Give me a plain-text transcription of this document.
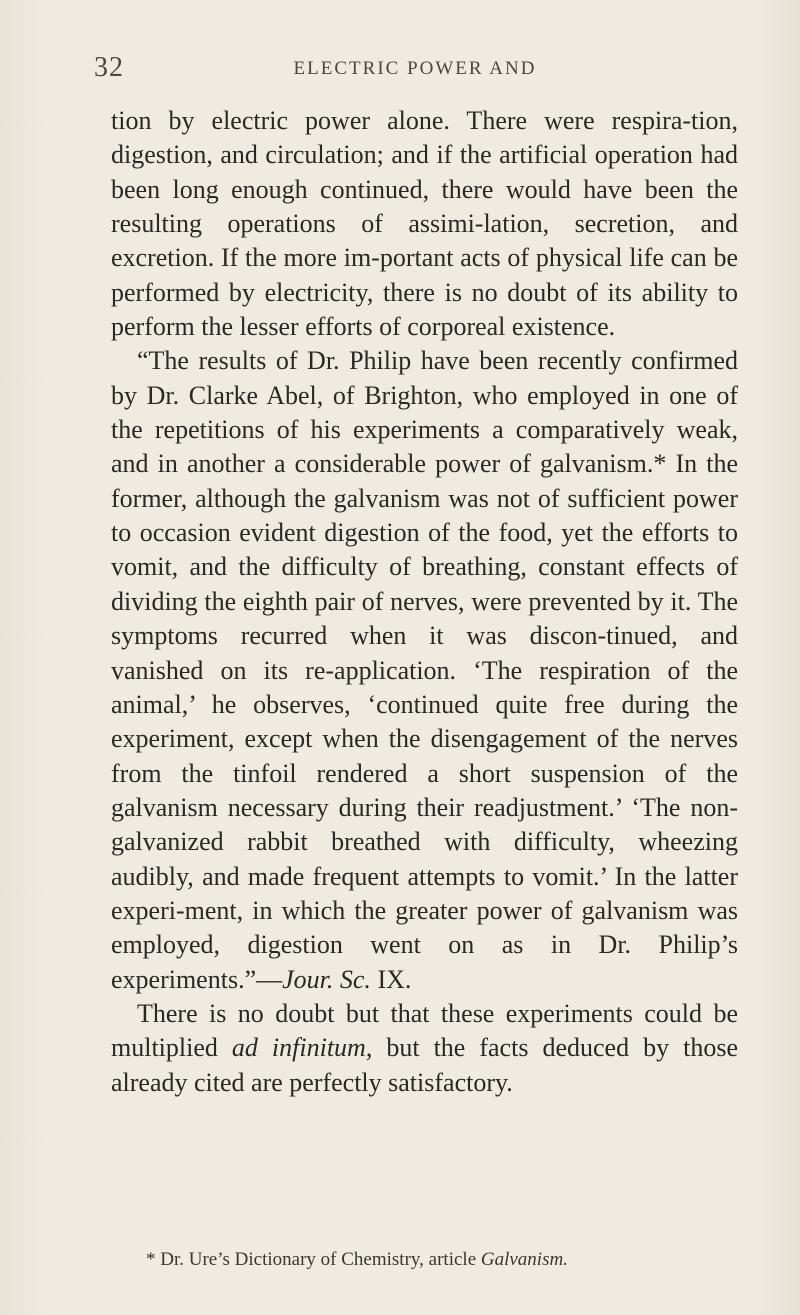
32	ELECTRIC POWER AND

tion by electric power alone. There were respira-tion, digestion, and circulation; and if the artificial operation had been long enough continued, there would have been the resulting operations of assimi-lation, secretion, and excretion. If the more im-portant acts of physical life can be performed by electricity, there is no doubt of its ability to perform the lesser efforts of corporeal existence.

“The results of Dr. Philip have been recently confirmed by Dr. Clarke Abel, of Brighton, who employed in one of the repetitions of his experiments a comparatively weak, and in another a considerable power of galvanism.* In the former, although the galvanism was not of sufficient power to occasion evident digestion of the food, yet the efforts to vomit, and the difficulty of breathing, constant effects of dividing the eighth pair of nerves, were prevented by it. The symptoms recurred when it was discon-tinued, and vanished on its re-application. ‘The respiration of the animal,’ he observes, ‘continued quite free during the experiment, except when the disengagement of the nerves from the tinfoil rendered a short suspension of the galvanism necessary during their readjustment.’ ‘The non-galvanized rabbit breathed with difficulty, wheezing audibly, and made frequent attempts to vomit.’ In the latter experi-ment, in which the greater power of galvanism was employed, digestion went on as in Dr. Philip’s experiments.”—Jour. Sc. IX.

There is no doubt but that these experiments could be multiplied ad infinitum, but the facts deduced by those already cited are perfectly satisfactory.

* Dr. Ure’s Dictionary of Chemistry, article Galvanism.
